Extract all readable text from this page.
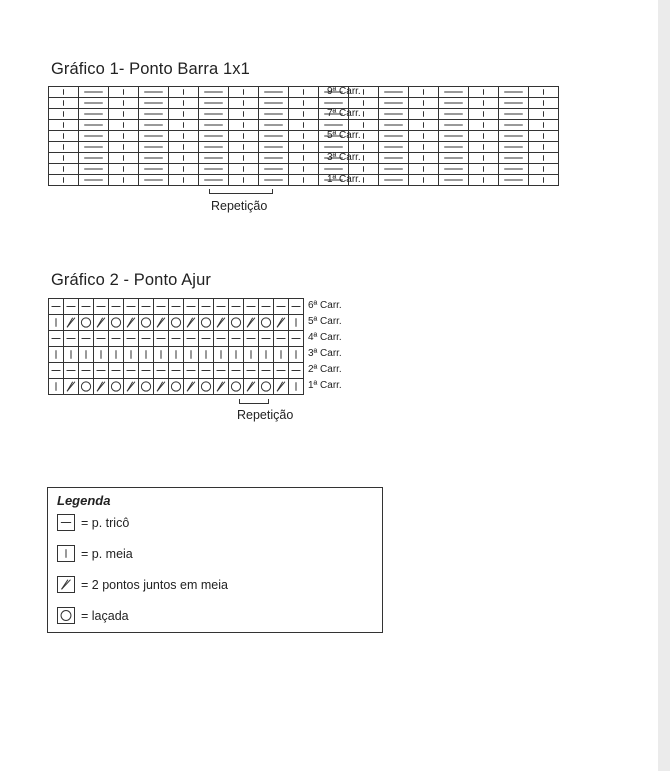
Gráfico 1- Ponto Barra 1x1
9ª Carr.
7ª Carr.
5ª Carr.
3ª Carr.
1ª Carr.
Repetição
Gráfico 2 - Ponto Ajur
6ª Carr.
5ª Carr.
4ª Carr.
3ª Carr.
2ª Carr.
1ª Carr.
Repetição
Legenda
= p. tricô
= p. meia
= 2 pontos juntos em meia
= laçada
